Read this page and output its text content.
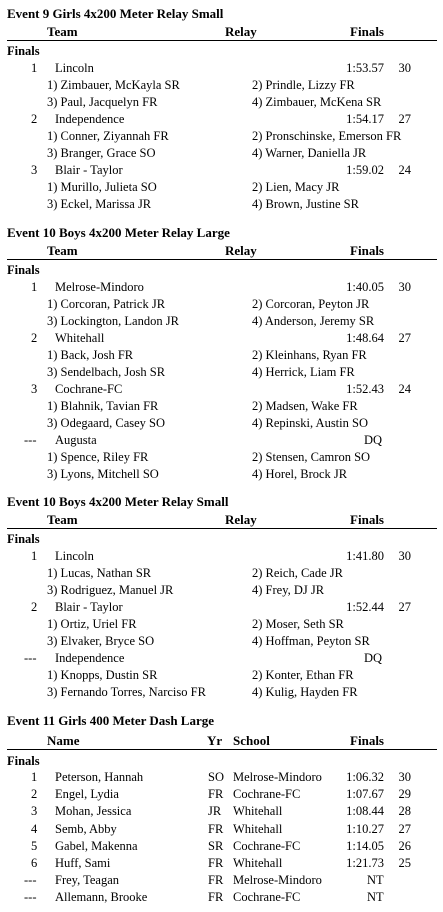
Event 9 Girls 4x200 Meter Relay Small
Team	Relay	Finals
Finals
1 Lincoln	1:53.57 30
1) Zimbauer, McKayla SR	2) Prindle, Lizzy FR
3) Paul, Jacquelyn FR	4) Zimbauer, McKena SR
2 Independence	1:54.17 27
1) Conner, Ziyannah FR	2) Pronschinske, Emerson FR
3) Branger, Grace SO	4) Warner, Daniella JR
3 Blair - Taylor	1:59.02 24
1) Murillo, Julieta SO	2) Lien, Macy JR
3) Eckel, Marissa JR	4) Brown, Justine SR
Event 10 Boys 4x200 Meter Relay Large
Team	Relay	Finals
Finals
1 Melrose-Mindoro	1:40.05 30
1) Corcoran, Patrick JR	2) Corcoran, Peyton JR
3) Lockington, Landon JR	4) Anderson, Jeremy SR
2 Whitehall	1:48.64 27
1) Back, Josh FR	2) Kleinhans, Ryan FR
3) Sendelbach, Josh SR	4) Herrick, Liam FR
3 Cochrane-FC	1:52.43 24
1) Blahnik, Tavian FR	2) Madsen, Wake FR
3) Odegaard, Casey SO	4) Repinski, Austin SO
--- Augusta	DQ
1) Spence, Riley FR	2) Stensen, Camron SO
3) Lyons, Mitchell SO	4) Horel, Brock JR
Event 10 Boys 4x200 Meter Relay Small
Team	Relay	Finals
Finals
1 Lincoln	1:41.80 30
1) Lucas, Nathan SR	2) Reich, Cade JR
3) Rodriguez, Manuel JR	4) Frey, DJ JR
2 Blair - Taylor	1:52.44 27
1) Ortiz, Uriel FR	2) Moser, Seth SR
3) Elvaker, Bryce SO	4) Hoffman, Peyton SR
--- Independence	DQ
1) Knopps, Dustin SR	2) Konter, Ethan FR
3) Fernando Torres, Narciso FR	4) Kulig, Hayden FR
Event 11 Girls 400 Meter Dash Large
Name	Yr School	Finals
Finals
1 Peterson, Hannah	SO Melrose-Mindoro 1:06.32 30
2 Engel, Lydia	FR Cochrane-FC	1:07.67 29
3 Mohan, Jessica	JR Whitehall	1:08.44 28
4 Semb, Abby	FR Whitehall	1:10.27 27
5 Gabel, Makenna	SR Cochrane-FC	1:14.05 26
6 Huff, Sami	FR Whitehall	1:21.73 25
--- Frey, Teagan	FR Melrose-Mindoro	NT
--- Allemann, Brooke	FR Cochrane-FC	NT
